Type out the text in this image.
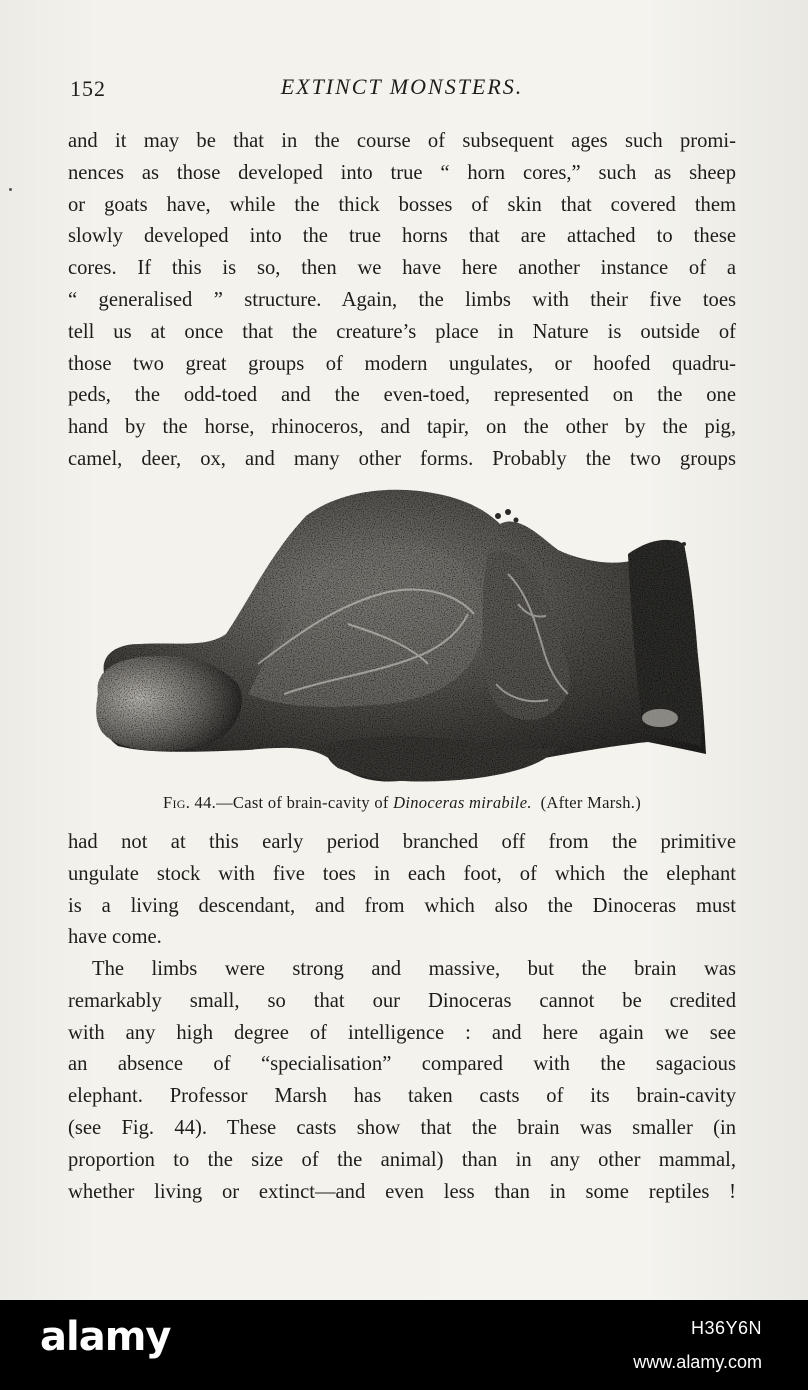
152	EXTINCT MONSTERS.
and it may be that in the course of subsequent ages such promi-
nences as those developed into true “ horn cores,” such as sheep
or goats have, while the thick bosses of skin that covered them
slowly developed into the true horns that are attached to these
cores. If this is so, then we have here another instance of a
“ generalised ” structure. Again, the limbs with their five toes
tell us at once that the creature’s place in Nature is outside of
those two great groups of modern ungulates, or hoofed quadru-
peds, the odd-toed and the even-toed, represented on the one
hand by the horse, rhinoceros, and tapir, on the other by the pig,
camel, deer, ox, and many other forms. Probably the two groups
Fig. 44.—Cast of brain-cavity of Dinoceras mirabile. (After Marsh.)
had not at this early period branched off from the primitive
ungulate stock with five toes in each foot, of which the elephant
is a living descendant, and from which also the Dinoceras must
have come.
The limbs were strong and massive, but the brain was
remarkably small, so that our Dinoceras cannot be credited
with any high degree of intelligence : and here again we see
an absence of “specialisation” compared with the sagacious
elephant. Professor Marsh has taken casts of its brain-cavity
(see Fig. 44). These casts show that the brain was smaller (in
proportion to the size of the animal) than in any other mammal,
whether living or extinct—and even less than in some reptiles !
alamy	H36Y6N
www.alamy.com
